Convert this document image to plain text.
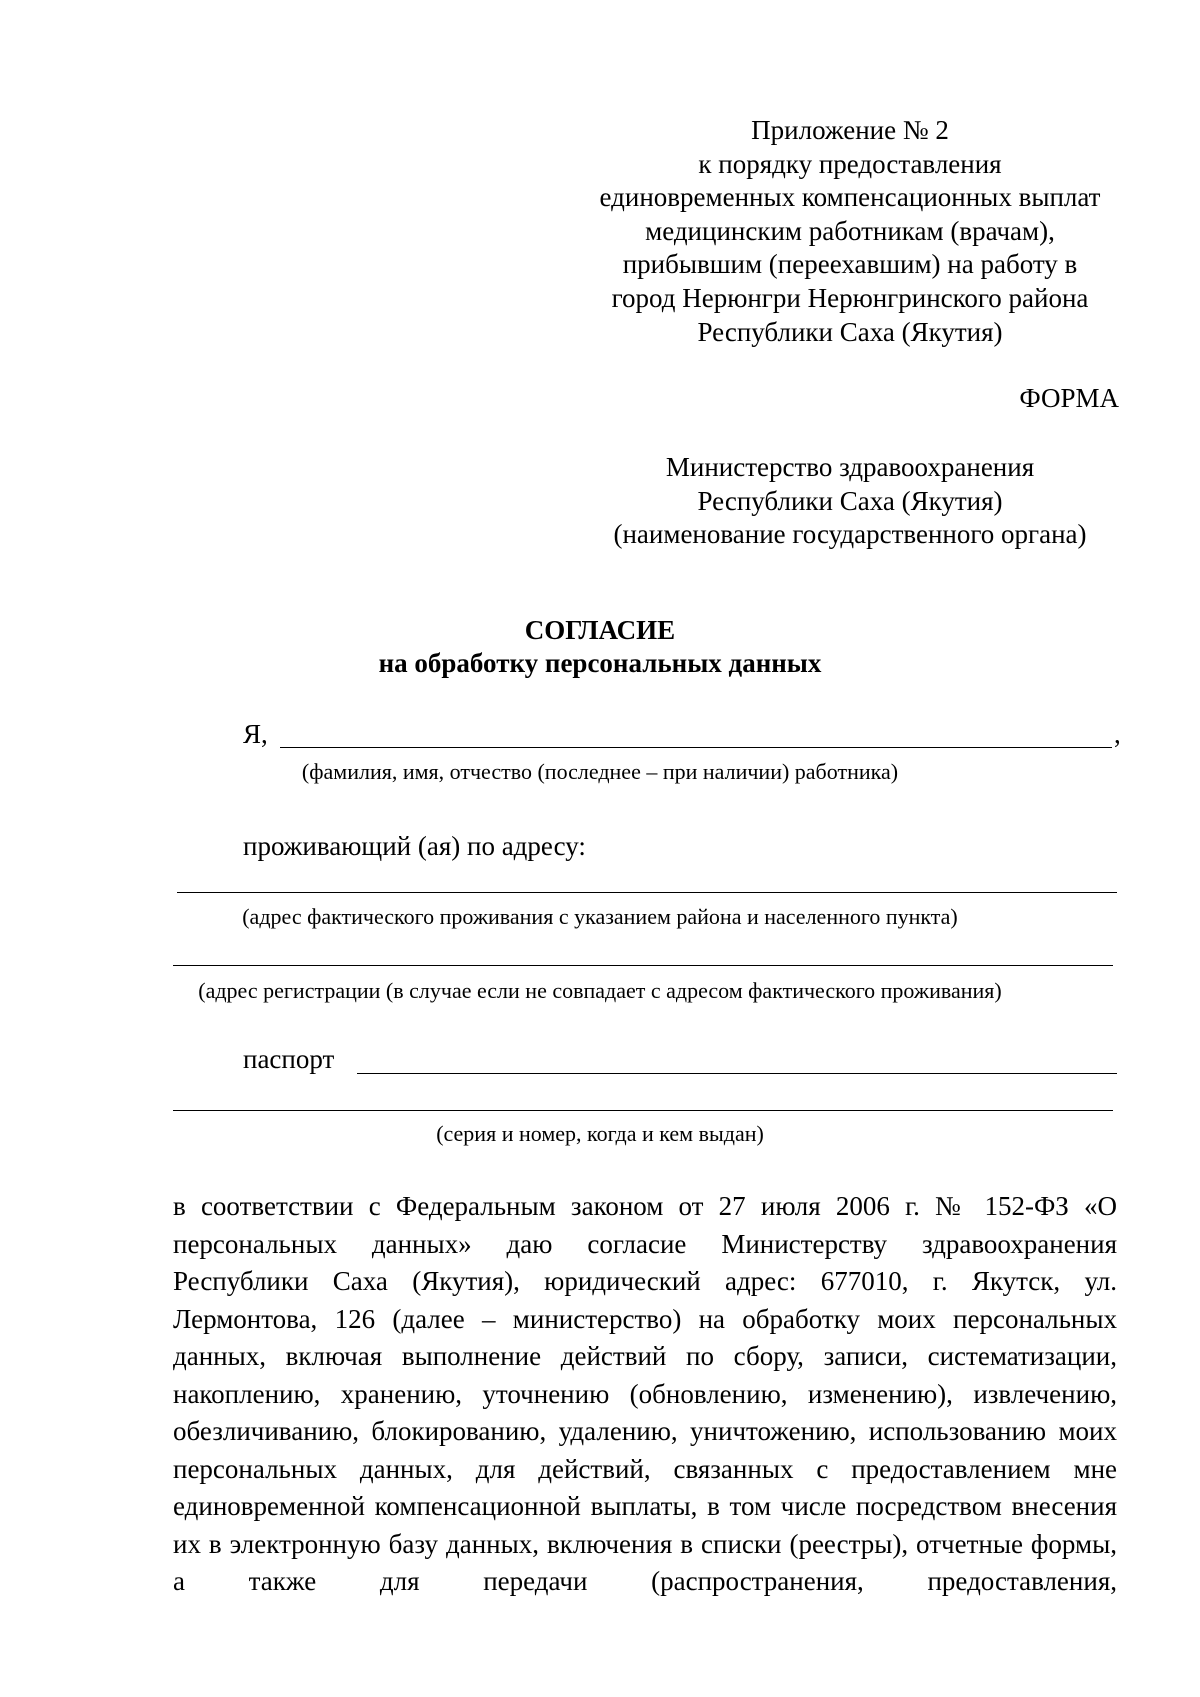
Приложение № 2
к порядку предоставления
единовременных компенсационных выплат
медицинским работникам (врачам),
прибывшим (переехавшим) на работу в
город Нерюнгри Нерюнгринского района
Республики Саха (Якутия)
ФОРМА
Министерство здравоохранения
Республики Саха (Якутия)
(наименование государственного органа)
СОГЛАСИЕ
на обработку персональных данных
Я,	,
(фамилия, имя, отчество (последнее – при наличии) работника)
проживающий (ая) по адресу:
(адрес фактического проживания с указанием района и населенного пункта)
(адрес регистрации (в случае если не совпадает с адресом фактического проживания)
паспорт
(серия и номер, когда и кем выдан)
в соответствии с Федеральным законом от 27 июля 2006 г. № 152-ФЗ «О персональных данных» даю согласие Министерству здравоохранения Республики Саха (Якутия), юридический адрес: 677010, г. Якутск, ул. Лермонтова, 126 (далее – министерство) на обработку моих персональных данных, включая выполнение действий по сбору, записи, систематизации, накоплению, хранению, уточнению (обновлению, изменению), извлечению, обезличиванию, блокированию, удалению, уничтожению, использованию моих персональных данных, для действий, связанных с предоставлением мне единовременной компенсационной выплаты, в том числе посредством внесения их в электронную базу данных, включения в списки (реестры), отчетные формы, а также для передачи (распространения, предоставления,
